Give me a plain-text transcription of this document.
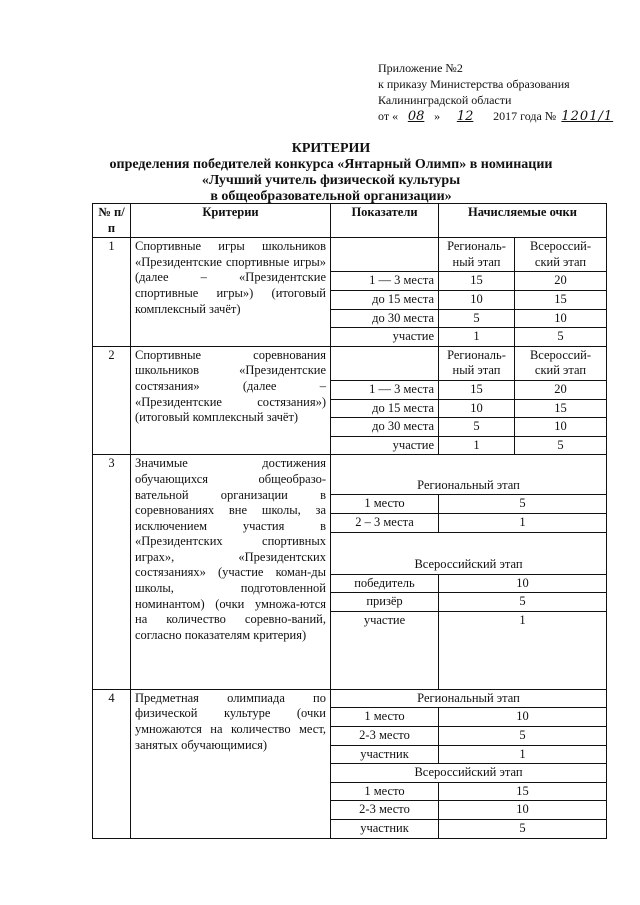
Приложение №2
к приказу Министерства образования
Калининградской области
от « 08 » 12 2017 года № 1201/1
КРИТЕРИИ
определения победителей конкурса «Янтарный Олимп» в номинации
«Лучший учитель физической культуры
в общеобразовательной организации»
№ п/п	Критерии	Показатели	Начисляемые очки	
1	Спортивные игры школьников «Президентские спортивные игры» (далее – «Президентские спортивные игры») (итоговый комплексный зачёт)		Региональ-ный этап	Всероссий-ский этап
		1 — 3 места	15	20
		до 15 места	10	15
		до 30 места	5	10
		участие	1	5
2	Спортивные соревнования школьников «Президентские состязания» (далее – «Президентские состязания») (итоговый комплексный зачёт)		Региональ-ный этап	Всероссий-ский этап
		1 — 3 места	15	20
		до 15 места	10	15
		до 30 места	5	10
		участие	1	5
3	Значимые достижения обучающихся общеобразо-вательной организации в соревнованиях вне школы, за исключением участия в «Президентских спортивных играх», «Президентских состязаниях» (участие коман-ды школы, подготовленной номинантом) (очки умножа-ются на количество соревно-ваний, согласно показателям критерия)			
		Региональный этап		
		1 место	5	
		2 – 3 места	1	

		Всероссийский этап		
		победитель	10	
		призёр	5	
		участие	1	
4	Предметная олимпиада по физической культуре (очки умножаются на количество мест, занятых обучающимися)	Региональный этап		
		1 место	10	
		2-3 место	5	
		участник	1	
		Всероссийский этап		
		1 место	15	
		2-3 место	10	
		участник	5	
